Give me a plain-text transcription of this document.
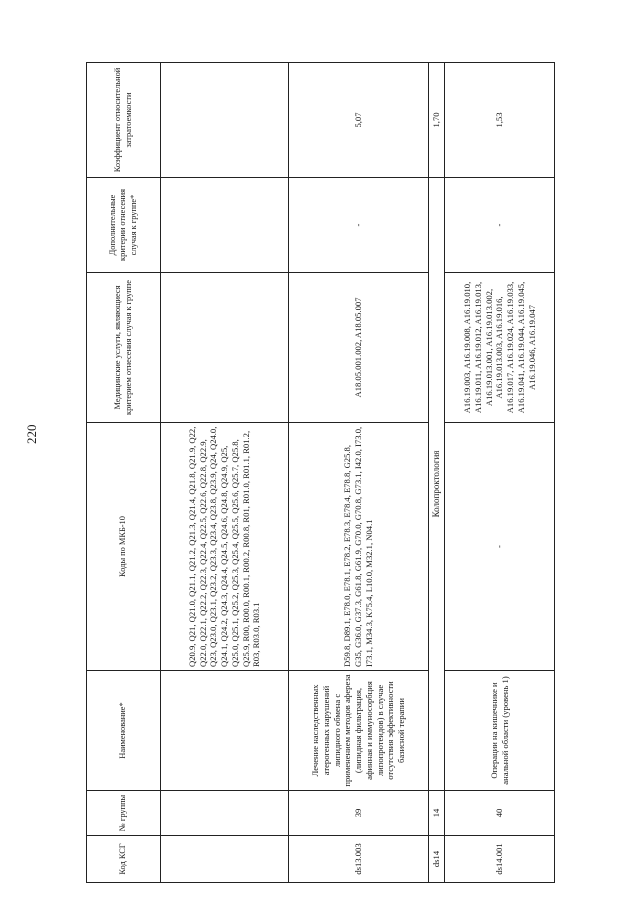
220
Код КСГ	№ группы	Наименование*	Коды по МКБ-10	Медицинские услуги, являющиеся критерием отнесения случая к группе	Дополнительные критерии отнесения случая к группе*	Коэффициент относительной затратоемкости
			Q20.9, Q21, Q21.0, Q21.1, Q21.2, Q21.3, Q21.4, Q21.8, Q21.9, Q22, Q22.0, Q22.1, Q22.2, Q22.3, Q22.4, Q22.5, Q22.6, Q22.8, Q22.9, Q23, Q23.0, Q23.1, Q23.2, Q23.3, Q23.4, Q23.8, Q23.9, Q24, Q24.0, Q24.1, Q24.2, Q24.3, Q24.4, Q24.5, Q24.6, Q24.8, Q24.9, Q25, Q25.0, Q25.1, Q25.2, Q25.3, Q25.4, Q25.5, Q25.6, Q25.7, Q25.8, Q25.9, R00, R00.0, R00.1, R00.2, R00.8, R01, R01.0, R01.1, R01.2, R03, R03.0, R03.1			
ds13.003	39	Лечение наследственных атерогенных нарушений липидного обмена с применением методов афереза (липидная фильтрация, афинная и иммуносорбция липопротеидов) в случае отсутствия эффективности базисной терапии	D59.8, D89.1, E78.0, E78.1, E78.2, E78.3, E78.4, E78.8, G25.8, G35, G36.0, G37.3, G61.8, G61.9, G70.0, G70.8, G73.1, I42.0, I73.0, I73.1, M34.3, K75.4, L10.0, M32.1, N04.1	A18.05.001.002, A18.05.007	-	5,07
ds14	14	Колопроктология				1,70
ds14.001	40	Операции на кишечнике и анальной области (уровень 1)	-	A16.19.003, A16.19.008, A16.19.010, A16.19.011, A16.19.012, A16.19.013, A16.19.013.001, A16.19.013.002, A16.19.013.003, A16.19.016, A16.19.017, A16.19.024, A16.19.033, A16.19.041, A16.19.044, A16.19.045, A16.19.046, A16.19.047	-	1,53
